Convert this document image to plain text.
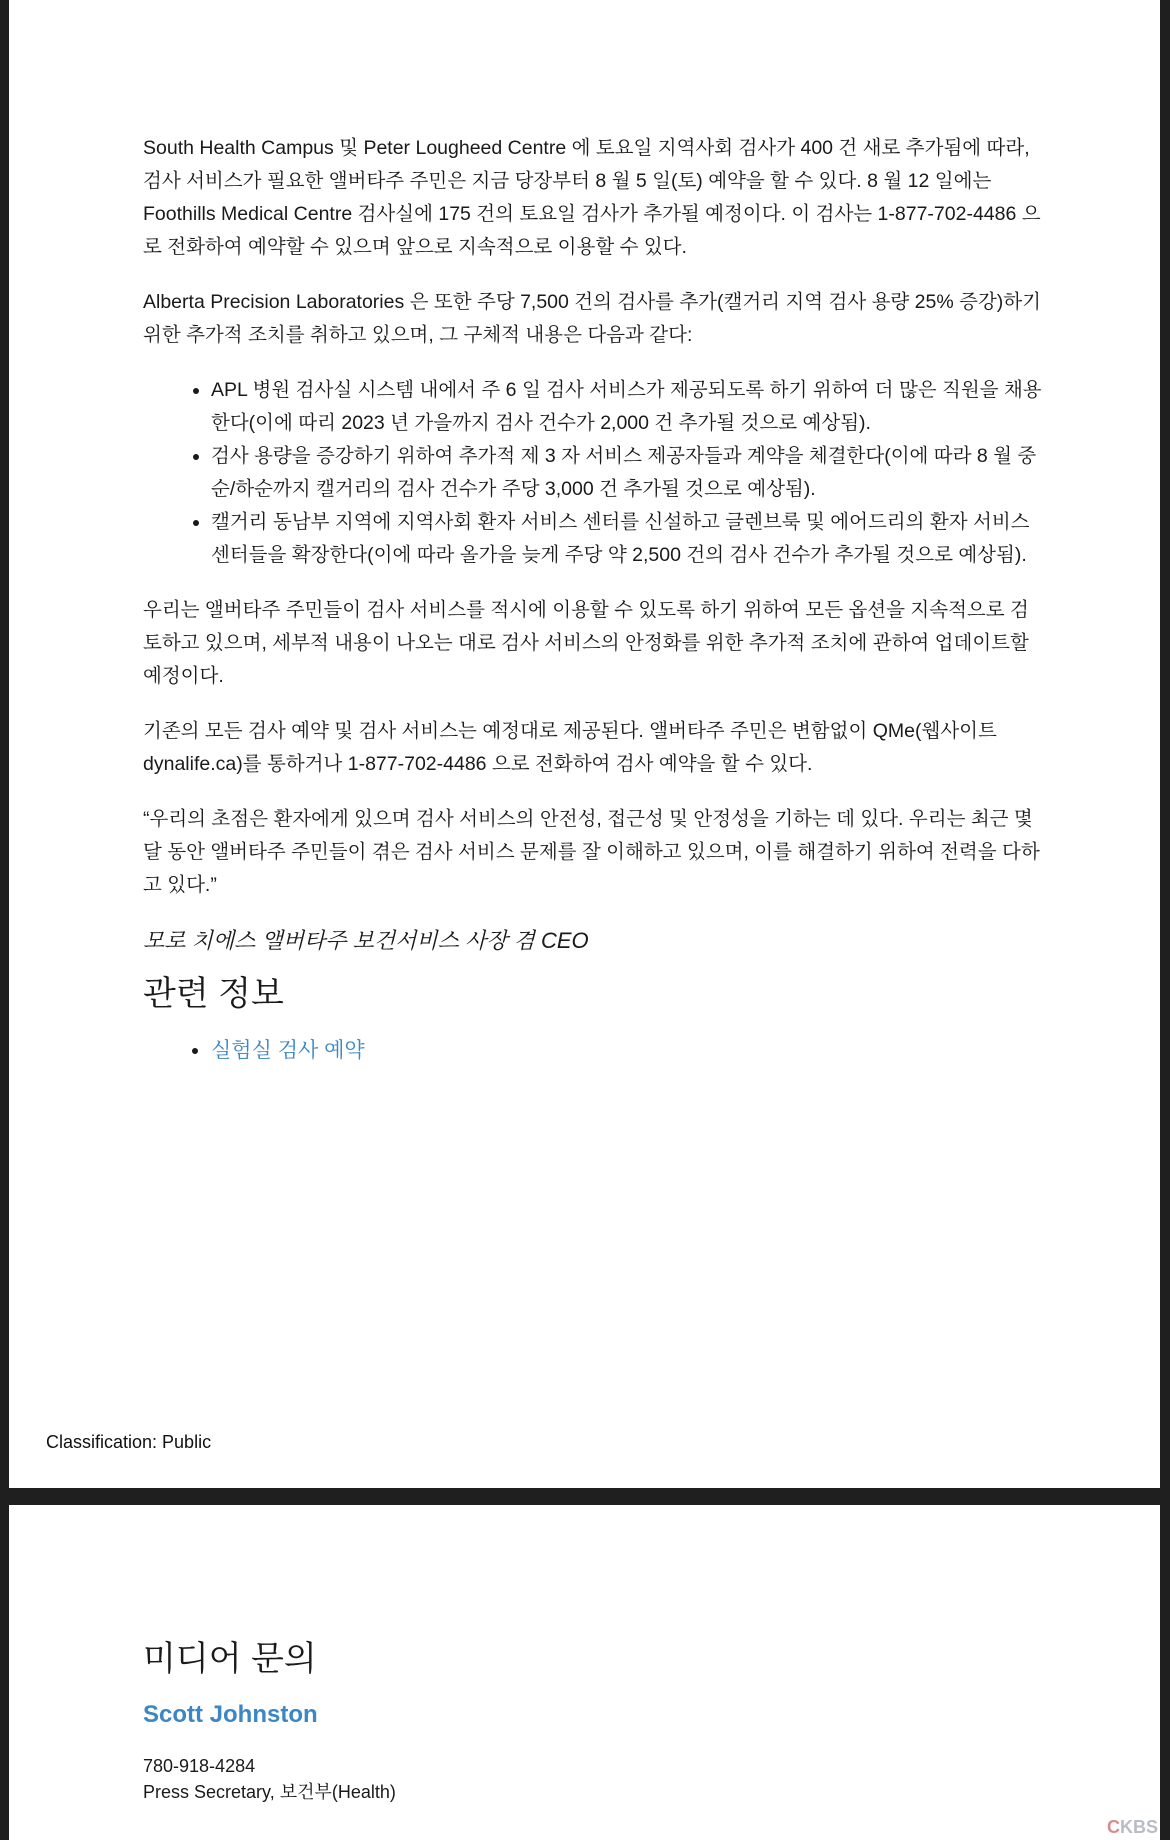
South Health Campus 및 Peter Lougheed Centre 에 토요일 지역사회 검사가 400 건 새로 추가됨에 따라, 검사 서비스가 필요한 앨버타주 주민은 지금 당장부터 8 월 5 일(토) 예약을 할 수 있다. 8 월 12 일에는 Foothills Medical Centre 검사실에 175 건의 토요일 검사가 추가될 예정이다. 이 검사는 1-877-702-4486 으로 전화하여 예약할 수 있으며 앞으로 지속적으로 이용할 수 있다.

Alberta Precision Laboratories 은 또한 주당 7,500 건의 검사를 추가(캘거리 지역 검사 용량 25% 증강)하기 위한 추가적 조치를 취하고 있으며, 그 구체적 내용은 다음과 같다:

• APL 병원 검사실 시스템 내에서 주 6 일 검사 서비스가 제공되도록 하기 위하여 더 많은 직원을 채용한다(이에 따리 2023 년 가을까지 검사 건수가 2,000 건 추가될 것으로 예상됨).
• 검사 용량을 증강하기 위하여 추가적 제 3 자 서비스 제공자들과 계약을 체결한다(이에 따라 8 월 중순/하순까지 캘거리의 검사 건수가 주당 3,000 건 추가될 것으로 예상됨).
• 캘거리 동남부 지역에 지역사회 환자 서비스 센터를 신설하고 글렌브룩 및 에어드리의 환자 서비스 센터들을 확장한다(이에 따라 올가을 늦게 주당 약 2,500 건의 검사 건수가 추가될 것으로 예상됨).

우리는 앨버타주 주민들이 검사 서비스를 적시에 이용할 수 있도록 하기 위하여 모든 옵션을 지속적으로 검토하고 있으며, 세부적 내용이 나오는 대로 검사 서비스의 안정화를 위한 추가적 조치에 관하여 업데이트할 예정이다.

기존의 모든 검사 예약 및 검사 서비스는 예정대로 제공된다. 앨버타주 주민은 변함없이 QMe(웹사이트 dynalife.ca)를 통하거나 1-877-702-4486 으로 전화하여 검사 예약을 할 수 있다.

“우리의 초점은 환자에게 있으며 검사 서비스의 안전성, 접근성 및 안정성을 기하는 데 있다. 우리는 최근 몇 달 동안 앨버타주 주민들이 겪은 검사 서비스 문제를 잘 이해하고 있으며, 이를 해결하기 위하여 전력을 다하고 있다.”

모로 치에스 앨버타주 보건서비스 사장 겸 CEO

관련 정보
• 실험실 검사 예약
Classification: Public
미디어 문의
Scott Johnston
780-918-4284
Press Secretary, 보건부(Health)
CKBS
